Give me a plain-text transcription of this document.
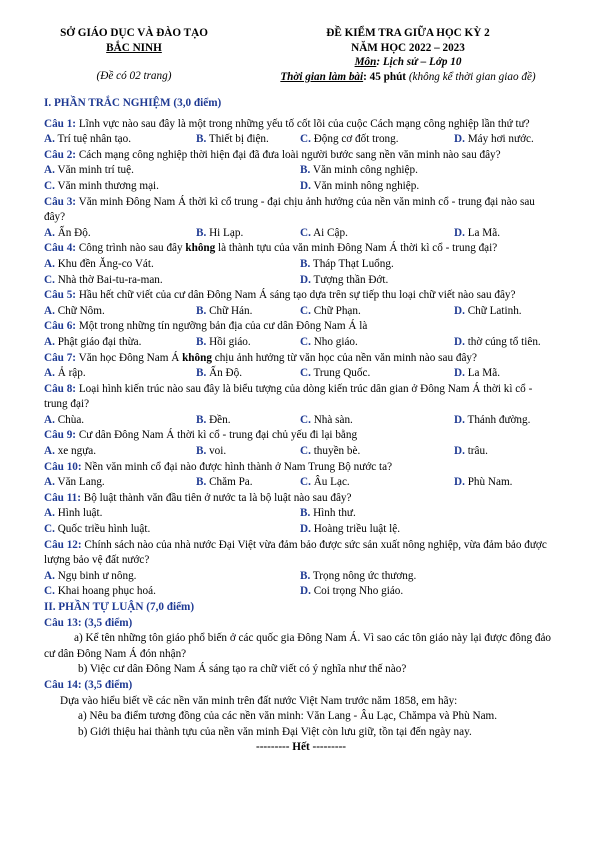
SỞ GIÁO DỤC VÀ ĐÀO TẠO
BẮC NINH
(Đề có 02 trang)
ĐỀ KIỂM TRA GIỮA HỌC KỲ 2
NĂM HỌC 2022 – 2023
Môn: Lịch sử – Lớp 10
Thời gian làm bài: 45 phút (không kể thời gian giao đề)
I. PHẦN TRẮC NGHIỆM (3,0 điểm)
Câu 1: Lĩnh vực nào sau đây là một trong những yếu tố cốt lõi của cuộc Cách mạng công nghiệp lần thứ tư?
A. Trí tuệ nhân tạo.	B. Thiết bị điện.	C. Động cơ đốt trong.	D. Máy hơi nước.
Câu 2: Cách mạng công nghiệp thời hiện đại đã đưa loài người bước sang nền văn minh nào sau đây?
A. Văn minh trí tuệ.	B. Văn minh công nghiệp.
C. Văn minh thương mại.	D. Văn minh nông nghiệp.
Câu 3: Văn minh Đông Nam Á thời kì cổ trung - đại chịu ảnh hưởng của nền văn minh cổ - trung đại nào sau đây?
A. Ấn Độ.	B. Hi Lạp.	C. Ai Cập.	D. La Mã.
Câu 4: Công trình nào sau đây không là thành tựu của văn minh Đông Nam Á thời kì cổ - trung đại?
A. Khu đền Ăng-co Vát.	B. Tháp Thạt Luổng.
C. Nhà thờ Bai-tu-ra-man.	D. Tượng thần Đớt.
Câu 5: Hầu hết chữ viết của cư dân Đông Nam Á sáng tạo dựa trên sự tiếp thu loại chữ viết nào sau đây?
A. Chữ Nôm.	B. Chữ Hán.	C. Chữ Phạn.	D. Chữ Latinh.
Câu 6: Một trong những tín ngưỡng bản địa của cư dân Đông Nam Á là
A. Phật giáo đại thừa.	B. Hồi giáo.	C. Nho giáo.	D. thờ cúng tổ tiên.
Câu 7: Văn học Đông Nam Á không chịu ảnh hưởng từ văn học của nền văn minh nào sau đây?
A. Ả rập.	B. Ấn Độ.	C. Trung Quốc.	D. La Mã.
Câu 8: Loại hình kiến trúc nào sau đây là biểu tượng của dòng kiến trúc dân gian ở Đông Nam Á thời kì cổ - trung đại?
A. Chùa.	B. Đền.	C. Nhà sàn.	D. Thánh đường.
Câu 9: Cư dân Đông Nam Á thời kì cổ - trung đại chủ yếu đi lại bằng
A. xe ngựa.	B. voi.	C. thuyền bè.	D. trâu.
Câu 10: Nền văn minh cổ đại nào được hình thành ở Nam Trung Bộ nước ta?
A. Văn Lang.	B. Chăm Pa.	C. Âu Lạc.	D. Phù Nam.
Câu 11: Bộ luật thành văn đầu tiên ở nước ta là bộ luật nào sau đây?
A. Hình luật.	B. Hình thư.
C. Quốc triều hình luật.	D. Hoàng triều luật lệ.
Câu 12: Chính sách nào của nhà nước Đại Việt vừa đảm bảo được sức sản xuất nông nghiệp, vừa đảm bảo được lượng bảo vệ đất nước?
A. Ngụ binh ư nông.	B. Trọng nông ức thương.
C. Khai hoang phục hoá.	D. Coi trọng Nho giáo.
II. PHẦN TỰ LUẬN (7,0 điểm)
Câu 13: (3,5 điểm)
a) Kể tên những tôn giáo phổ biến ở các quốc gia Đông Nam Á. Vì sao các tôn giáo này lại được đông đảo cư dân Đông Nam Á đón nhận?
b) Việc cư dân Đông Nam Á sáng tạo ra chữ viết có ý nghĩa như thế nào?
Câu 14: (3,5 điểm)
Dựa vào hiểu biết về các nền văn minh trên đất nước Việt Nam trước năm 1858, em hãy:
a) Nêu ba điểm tương đồng của các nền văn minh: Văn Lang - Âu Lạc, Chămpa và Phù Nam.
b) Giới thiệu hai thành tựu của nền văn minh Đại Việt còn lưu giữ, tồn tại đến ngày nay.
--------- Hết ---------
